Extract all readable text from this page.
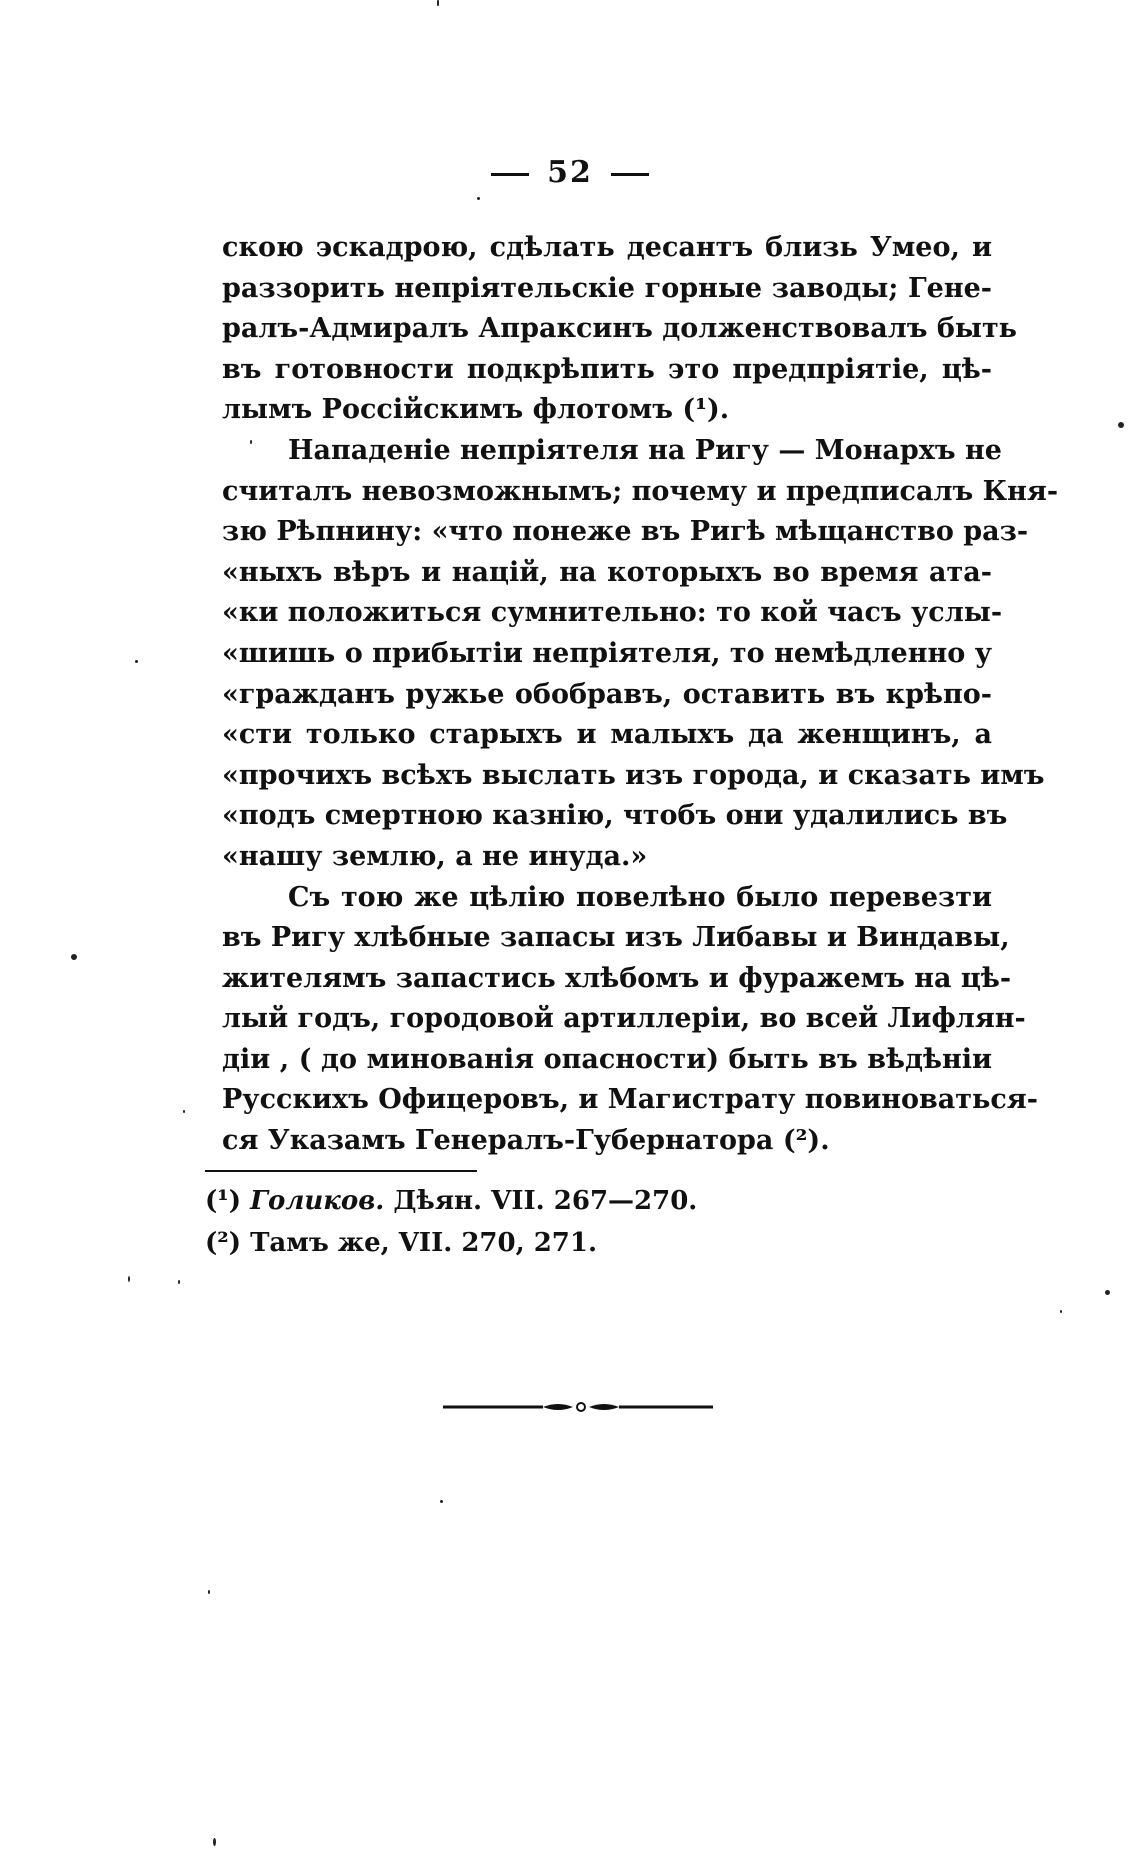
52
скою эскадрою, сдѣлать десантъ близь Умео, и
раззорить непріятельскіе горные заводы; Гене-
ралъ-Адмиралъ Апраксинъ долженствовалъ быть
въ готовности подкрѣпить это предпріятіе, цѣ-
лымъ Россійскимъ флотомъ (¹).
Нападеніе непріятеля на Ригу — Монархъ не
считалъ невозможнымъ; почему и предписалъ Кня-
зю Рѣпнину: «что понеже въ Ригѣ мѣщанство раз-
«ныхъ вѣръ и націй, на которыхъ во время ата-
«ки положиться сумнительно: то кой часъ услы-
«шишь о прибытіи непріятеля, то немѣдленно у
«гражданъ ружье обобравъ, оставить въ крѣпо-
«сти только старыхъ и малыхъ да женщинъ, а
«прочихъ всѣхъ выслать изъ города, и сказать имъ
«подъ смертною казнію, чтобъ они удалились въ
«нашу землю, а не инуда.»
Съ тою же цѣлію повелѣно было перевезти
въ Ригу хлѣбные запасы изъ Либавы и Виндавы,
жителямъ запастись хлѣбомъ и фуражемъ на цѣ-
лый годъ, городовой артиллеріи, во всей Лифлян-
діи , ( до минованія опасности) быть въ вѣдѣніи
Русскихъ Офицеровъ, и Магистрату повиноваться-
ся Указамъ Генералъ-Губернатора (²).
(¹) Голиков. Дѣян. VII. 267—270.
(²) Тамъ же, VII. 270, 271.
